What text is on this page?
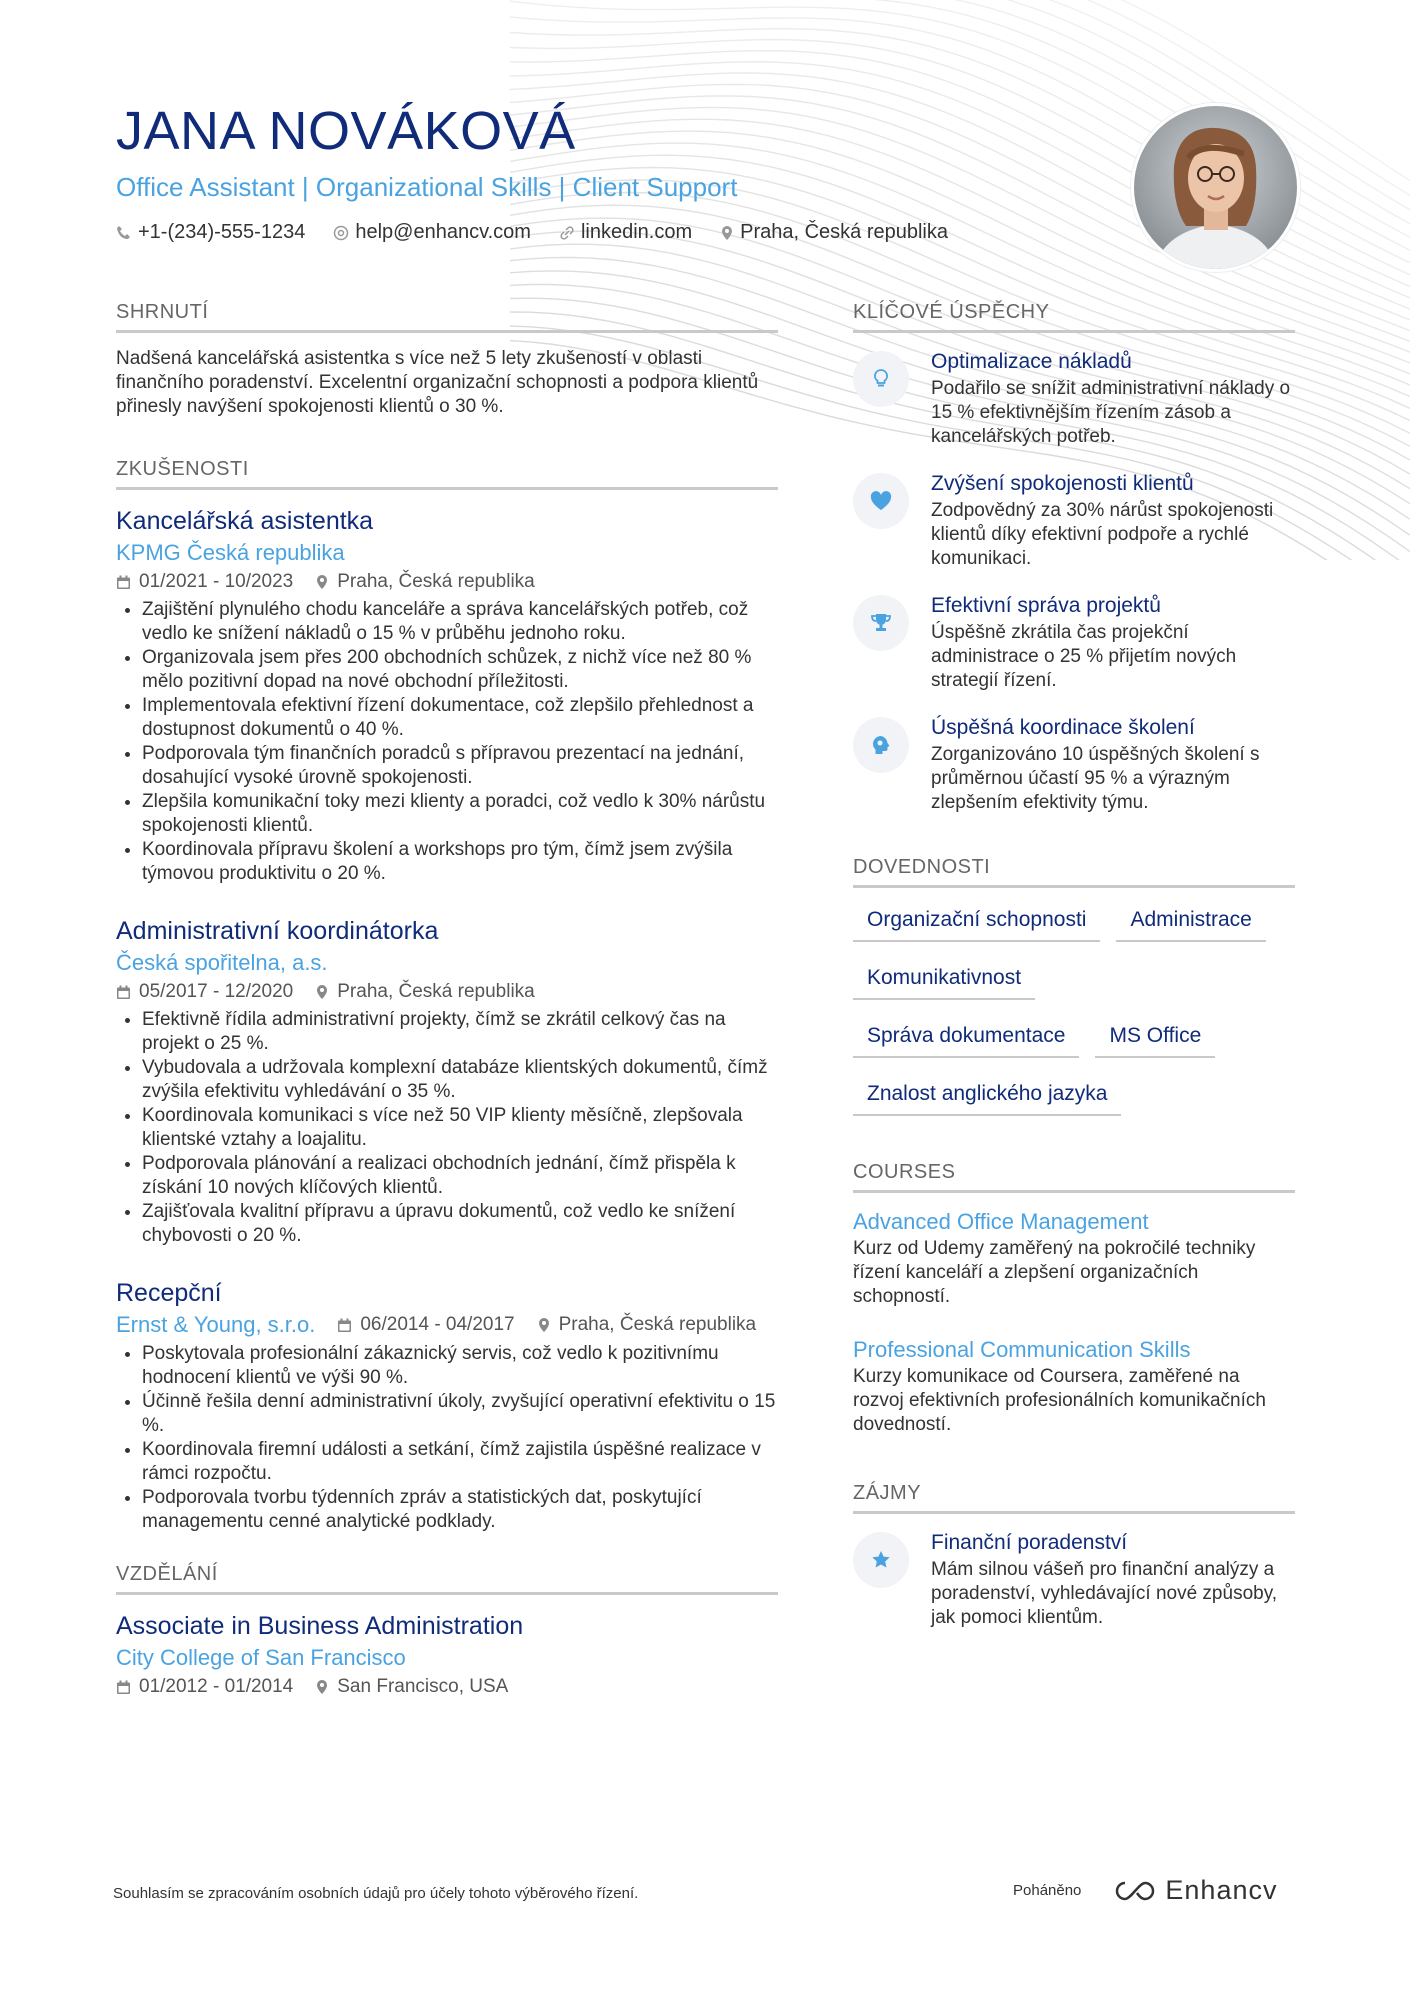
JANA NOVÁKOVÁ
Office Assistant | Organizational Skills | Client Support
+1-(234)-555-1234	help@enhancv.com	linkedin.com Praha, Česká republika
SHRNUTÍ

Nadšená kancelářská asistentka s více než 5 lety zkušeností v oblasti finančního poradenství. Excelentní organizační schopnosti a podpora klientů přinesly navýšení spokojenosti klientů o 30 %.

ZKUŠENOSTI
Kancelářská asistentka
KPMG Česká republika
01/2021 - 10/2023 Praha, Česká republika
• Zajištění plynulého chodu kanceláře a správa kancelářských potřeb, což vedlo ke snížení nákladů o 15 % v průběhu jednoho roku.
• Organizovala jsem přes 200 obchodních schůzek, z nichž více než 80 % mělo pozitivní dopad na nové obchodní příležitosti.
• Implementovala efektivní řízení dokumentace, což zlepšilo přehlednost a dostupnost dokumentů o 40 %.
• Podporovala tým finančních poradců s přípravou prezentací na jednání, dosahující vysoké úrovně spokojenosti.
• Zlepšila komunikační toky mezi klienty a poradci, což vedlo k 30% nárůstu spokojenosti klientů.
• Koordinovala přípravu školení a workshops pro tým, čímž jsem zvýšila týmovou produktivitu o 20 %.
Administrativní koordinátorka
Česká spořitelna, a.s.
05/2017 - 12/2020 Praha, Česká republika
• Efektivně řídila administrativní projekty, čímž se zkrátil celkový čas na projekt o 25 %.
• Vybudovala a udržovala komplexní databáze klientských dokumentů, čímž zvýšila efektivitu vyhledávání o 35 %.
• Koordinovala komunikaci s více než 50 VIP klienty měsíčně, zlepšovala klientské vztahy a loajalitu.
• Podporovala plánování a realizaci obchodních jednání, čímž přispěla k získání 10 nových klíčových klientů.
• Zajišťovala kvalitní přípravu a úpravu dokumentů, což vedlo ke snížení chybovosti o 20 %.
Recepční
Ernst & Young, s.r.o. 06/2014 - 04/2017 Praha, Česká republika
• Poskytovala profesionální zákaznický servis, což vedlo k pozitivnímu hodnocení klientů ve výši 90 %.
• Účinně řešila denní administrativní úkoly, zvyšující operativní efektivitu o 15 %.
• Koordinovala firemní události a setkání, čímž zajistila úspěšné realizace v rámci rozpočtu.
• Podporovala tvorbu týdenních zpráv a statistických dat, poskytující managementu cenné analytické podklady.
VZDĚLÁNÍ
Associate in Business Administration
City College of San Francisco
01/2012 - 01/2014 San Francisco, USA
KLÍČOVÉ ÚSPĚCHY
Optimalizace nákladů
Podařilo se snížit administrativní náklady o 15 % efektivnějším řízením zásob a kancelářských potřeb.
Zvýšení spokojenosti klientů
Zodpovědný za 30% nárůst spokojenosti klientů díky efektivní podpoře a rychlé komunikaci.
Efektivní správa projektů
Úspěšně zkrátila čas projekční administrace o 25 % přijetím nových strategií řízení.
Úspěšná koordinace školení
Zorganizováno 10 úspěšných školení s průměrnou účastí 95 % a výrazným zlepšením efektivity týmu.
DOVEDNOSTI
Organizační schopnosti	Administrace
Komunikativnost
Správa dokumentace	MS Office
Znalost anglického jazyka
COURSES
Advanced Office Management
Kurz od Udemy zaměřený na pokročilé techniky řízení kanceláří a zlepšení organizačních schopností.
Professional Communication Skills
Kurzy komunikace od Coursera, zaměřené na rozvoj efektivních profesionálních komunikačních dovedností.
ZÁJMY
Finanční poradenství
Mám silnou vášeň pro finanční analýzy a poradenství, vyhledávající nové způsoby, jak pomoci klientům.
Souhlasím se zpracováním osobních údajů pro účely tohoto výběrového řízení.	Poháněno	Enhancv
